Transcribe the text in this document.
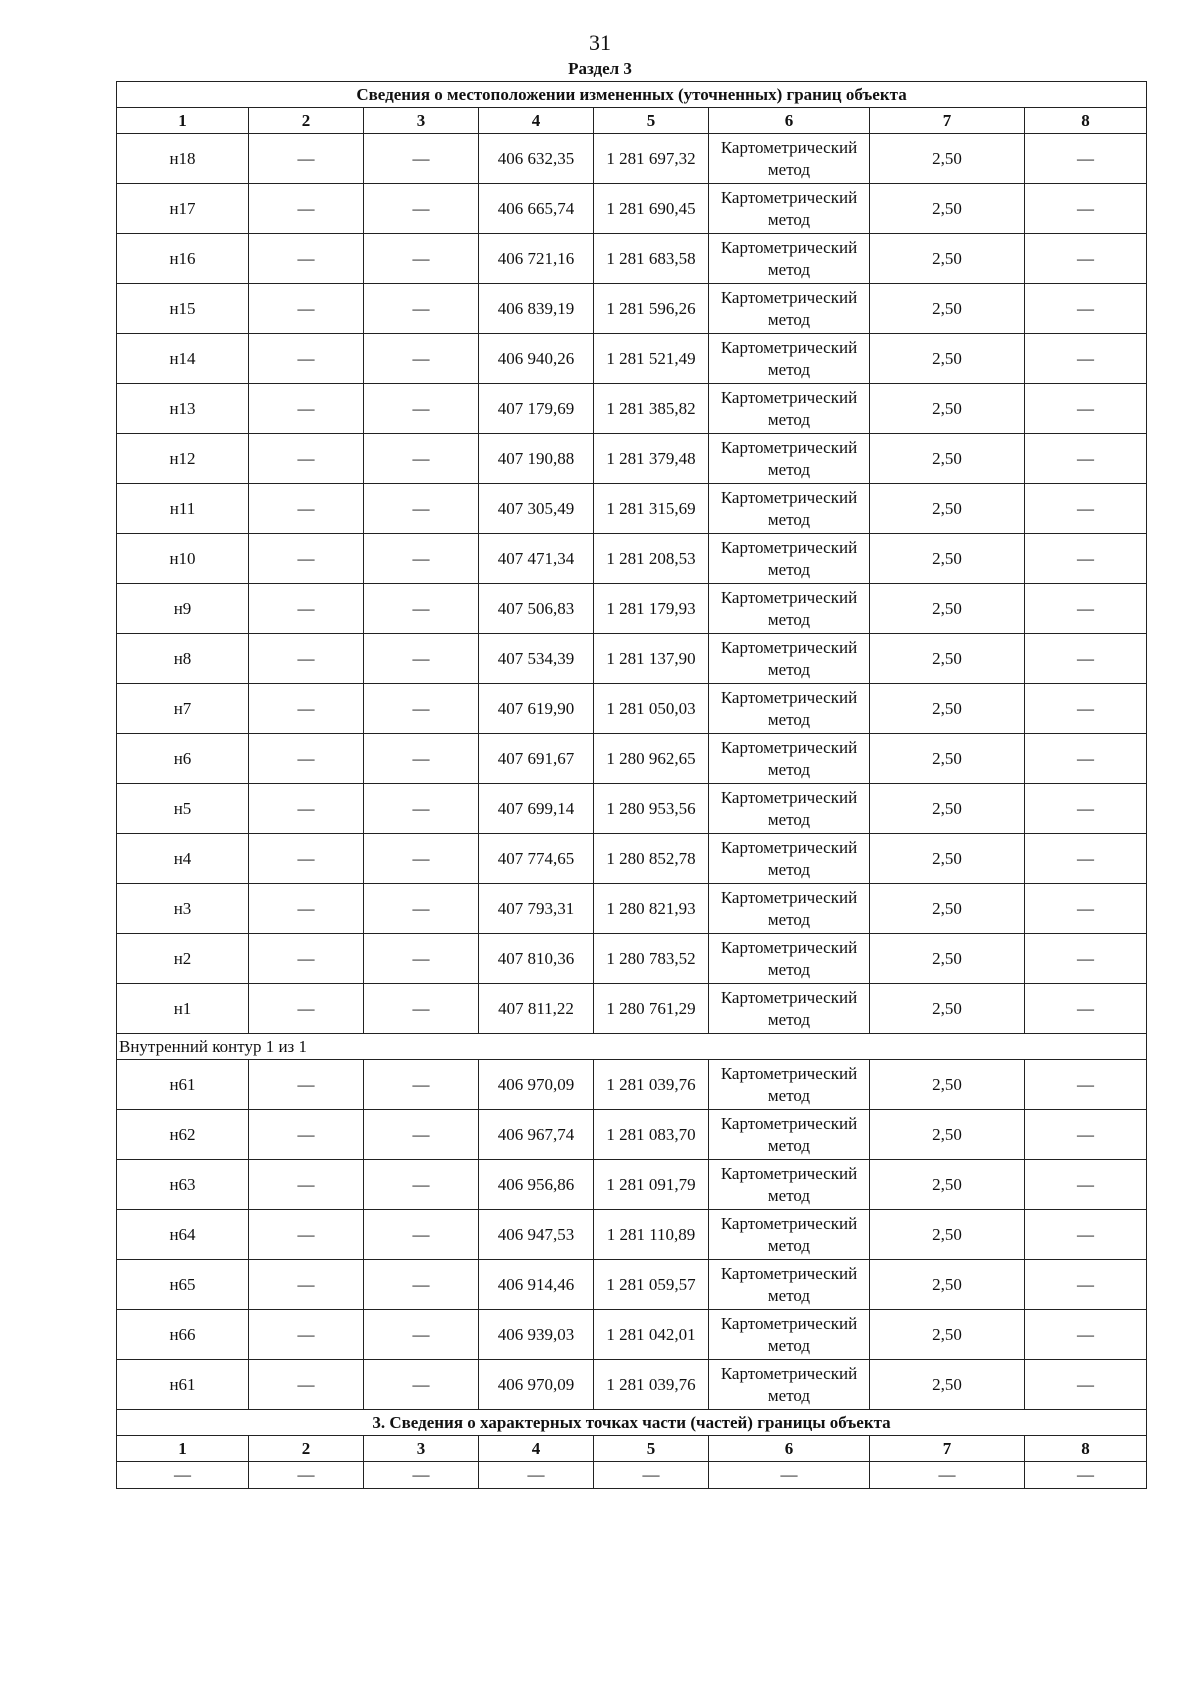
31
Раздел 3
Сведения о местоположении измененных (уточненных) границ объекта							
1	2	3	4	5	6	7	8
н18	—	—	406 632,35	1 281 697,32	Картометрический метод	2,50	—
н17	—	—	406 665,74	1 281 690,45	Картометрический метод	2,50	—
н16	—	—	406 721,16	1 281 683,58	Картометрический метод	2,50	—
н15	—	—	406 839,19	1 281 596,26	Картометрический метод	2,50	—
н14	—	—	406 940,26	1 281 521,49	Картометрический метод	2,50	—
н13	—	—	407 179,69	1 281 385,82	Картометрический метод	2,50	—
н12	—	—	407 190,88	1 281 379,48	Картометрический метод	2,50	—
н11	—	—	407 305,49	1 281 315,69	Картометрический метод	2,50	—
н10	—	—	407 471,34	1 281 208,53	Картометрический метод	2,50	—
н9	—	—	407 506,83	1 281 179,93	Картометрический метод	2,50	—
н8	—	—	407 534,39	1 281 137,90	Картометрический метод	2,50	—
н7	—	—	407 619,90	1 281 050,03	Картометрический метод	2,50	—
н6	—	—	407 691,67	1 280 962,65	Картометрический метод	2,50	—
н5	—	—	407 699,14	1 280 953,56	Картометрический метод	2,50	—
н4	—	—	407 774,65	1 280 852,78	Картометрический метод	2,50	—
н3	—	—	407 793,31	1 280 821,93	Картометрический метод	2,50	—
н2	—	—	407 810,36	1 280 783,52	Картометрический метод	2,50	—
н1	—	—	407 811,22	1 280 761,29	Картометрический метод	2,50	—
Внутренний контур 1 из 1							
н61	—	—	406 970,09	1 281 039,76	Картометрический метод	2,50	—
н62	—	—	406 967,74	1 281 083,70	Картометрический метод	2,50	—
н63	—	—	406 956,86	1 281 091,79	Картометрический метод	2,50	—
н64	—	—	406 947,53	1 281 110,89	Картометрический метод	2,50	—
н65	—	—	406 914,46	1 281 059,57	Картометрический метод	2,50	—
н66	—	—	406 939,03	1 281 042,01	Картометрический метод	2,50	—
н61	—	—	406 970,09	1 281 039,76	Картометрический метод	2,50	—
3. Сведения о характерных точках части (частей) границы объекта							
1	2	3	4	5	6	7	8
—	—	—	—	—	—	—	—
